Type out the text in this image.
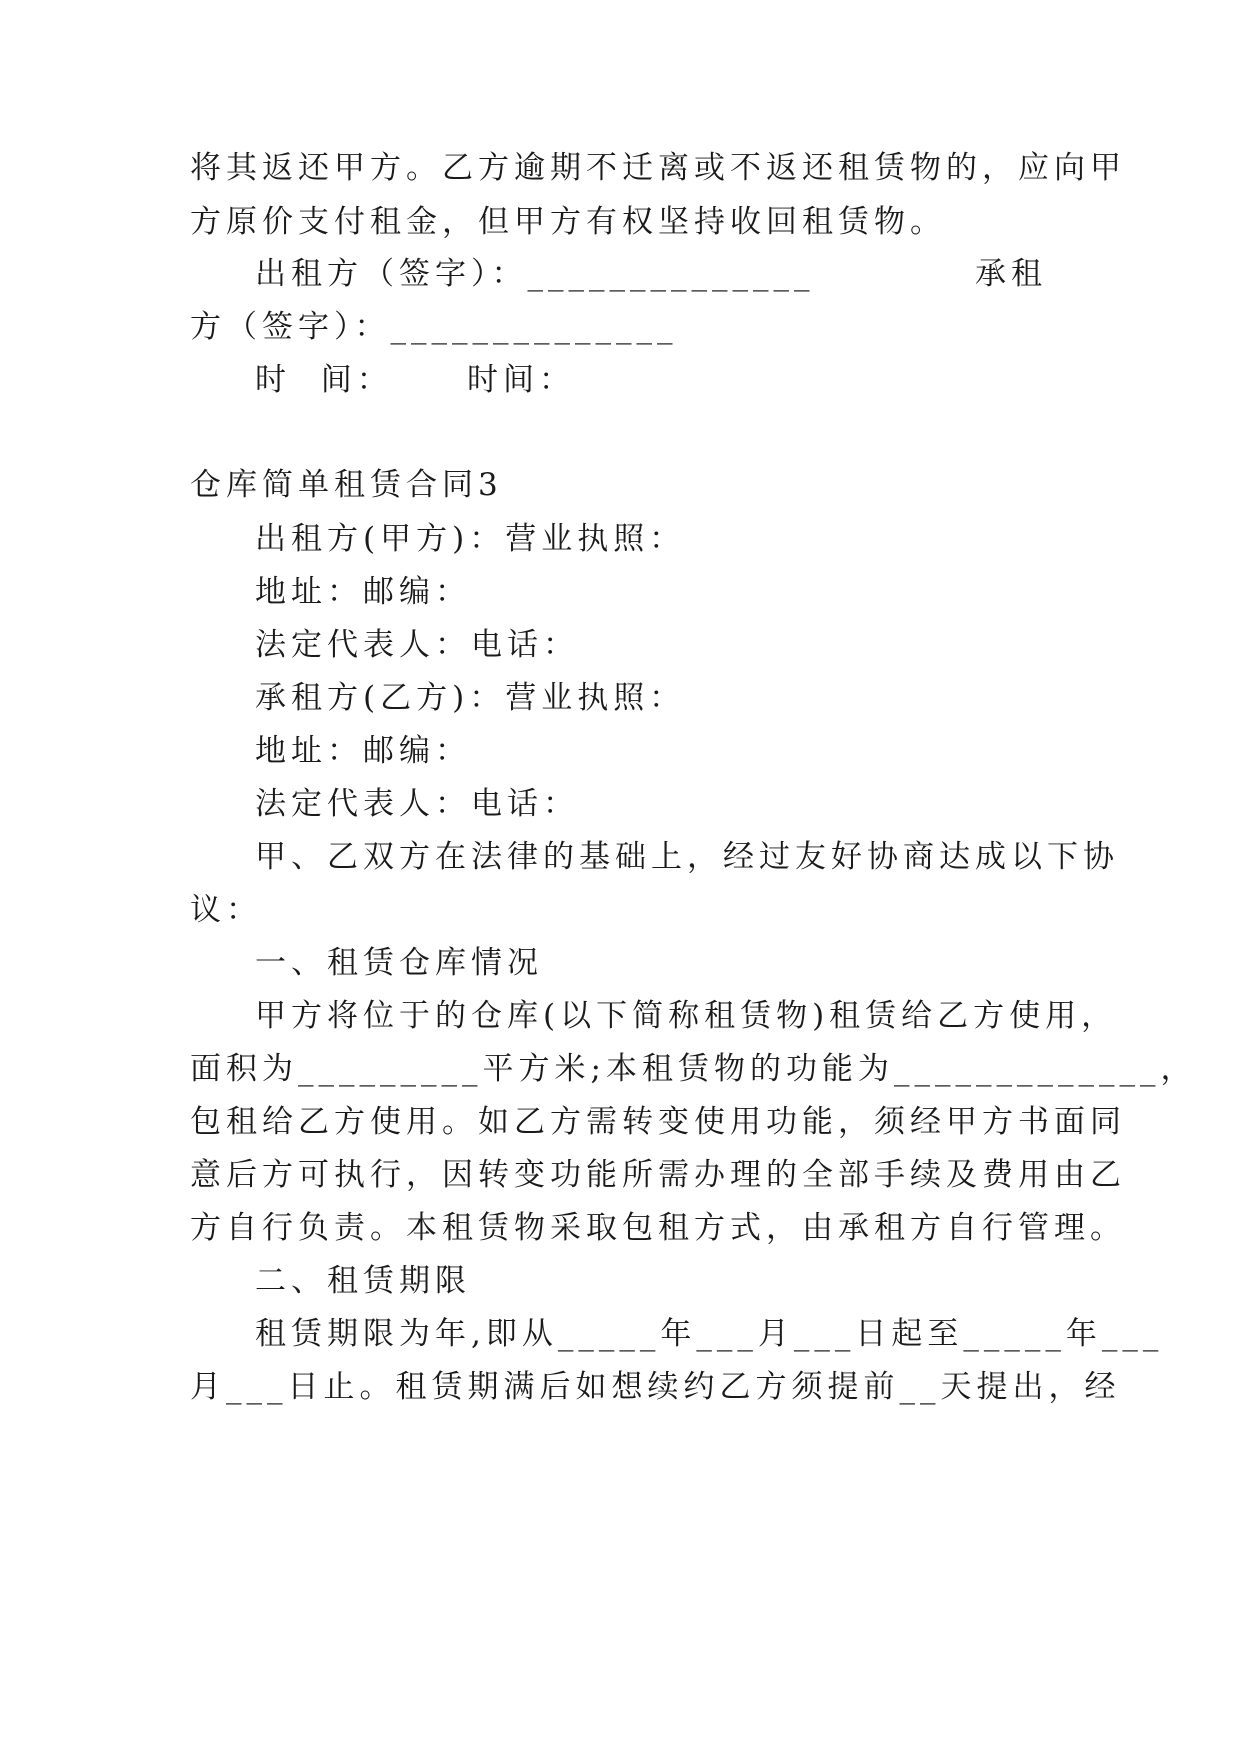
将其返还甲方。乙方逾期不迁离或不返还租赁物的，应向甲
方原价支付租金，但甲方有权坚持收回租赁物。
出租方（签字）：______________	承租
方（签字）：______________
时  间：     时间：
仓库简单租赁合同3
出租方(甲方)：营业执照：
地址：邮编：
法定代表人：电话：
承租方(乙方)：营业执照：
地址：邮编：
法定代表人：电话：
甲、乙双方在法律的基础上，经过友好协商达成以下协
议：
一、租赁仓库情况
甲方将位于的仓库(以下简称租赁物)租赁给乙方使用，
面积为_________平方米;本租赁物的功能为_____________，
包租给乙方使用。如乙方需转变使用功能，须经甲方书面同
意后方可执行，因转变功能所需办理的全部手续及费用由乙
方自行负责。本租赁物采取包租方式，由承租方自行管理。
二、租赁期限
租赁期限为年,即从_____年___月___日起至_____年___
月___日止。租赁期满后如想续约乙方须提前__天提出，经
